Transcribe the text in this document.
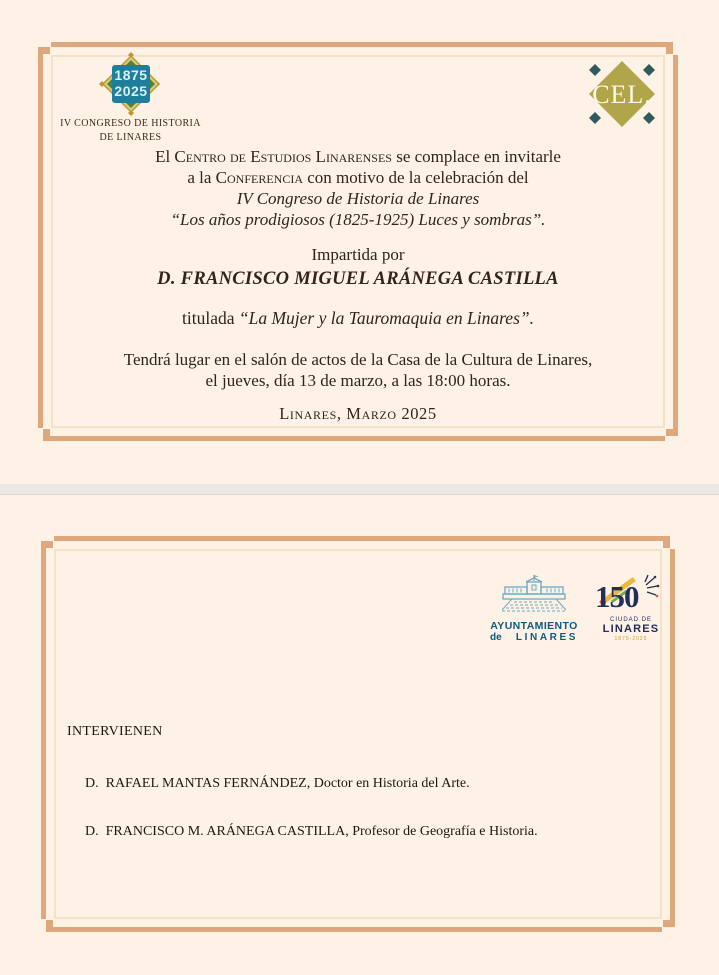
1875
2025
IV CONGRESO DE HISTORIA
DE LINARES
CEL.
El Centro de Estudios Linarenses se complace en invitarle
a la Conferencia con motivo de la celebración del
IV Congreso de Historia de Linares
“Los años prodigiosos (1825-1925) Luces y sombras”.
Impartida por
D. FRANCISCO MIGUEL ARÁNEGA CASTILLA
titulada “La Mujer y la Tauromaquia en Linares”.
Tendrá lugar en el salón de actos de la Casa de la Cultura de Linares,
el jueves, día 13 de marzo, a las 18:00 horas.
Linares, Marzo 2025
AYUNTAMIENTO
de LINARES
150
CIUDAD DE
LINARES
1875-2025
INTERVIENEN
D.  RAFAEL MANTAS FERNÁNDEZ, Doctor en Historia del Arte.
D.  FRANCISCO M. ARÁNEGA CASTILLA, Profesor de Geografía e Historia.
